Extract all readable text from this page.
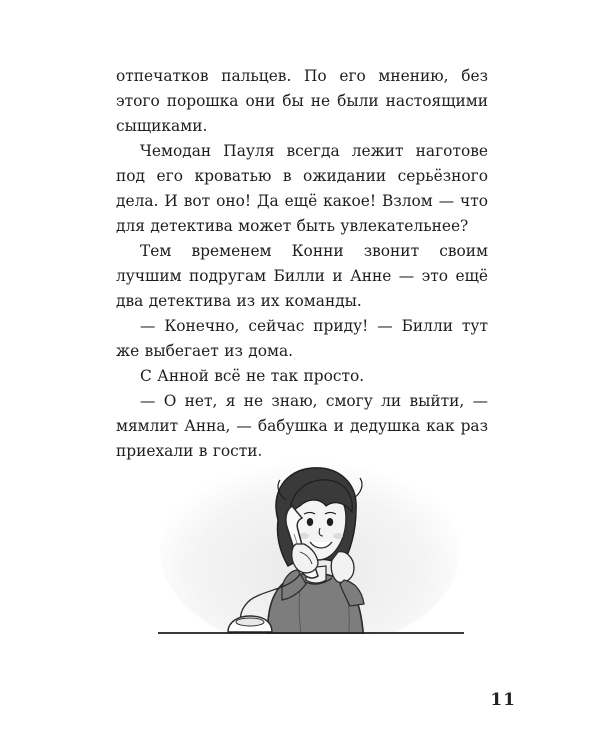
отпечатков пальцев. По его мнению, без этого порошка они бы не были настоящими сыщиками.

Чемодан Пауля всегда лежит наготове под его кроватью в ожидании серьёзного дела. И вот оно! Да ещё какое! Взлом — что для детектива может быть увлекательнее?

Тем временем Конни звонит своим лучшим подругам Билли и Анне — это ещё два детектива из их команды.

— Конечно, сейчас приду! — Билли тут же выбегает из дома.

С Анной всё не так просто.

— О нет, я не знаю, смогу ли выйти, — мямлит Анна, — бабушка и дедушка как раз приехали в гости.

11
